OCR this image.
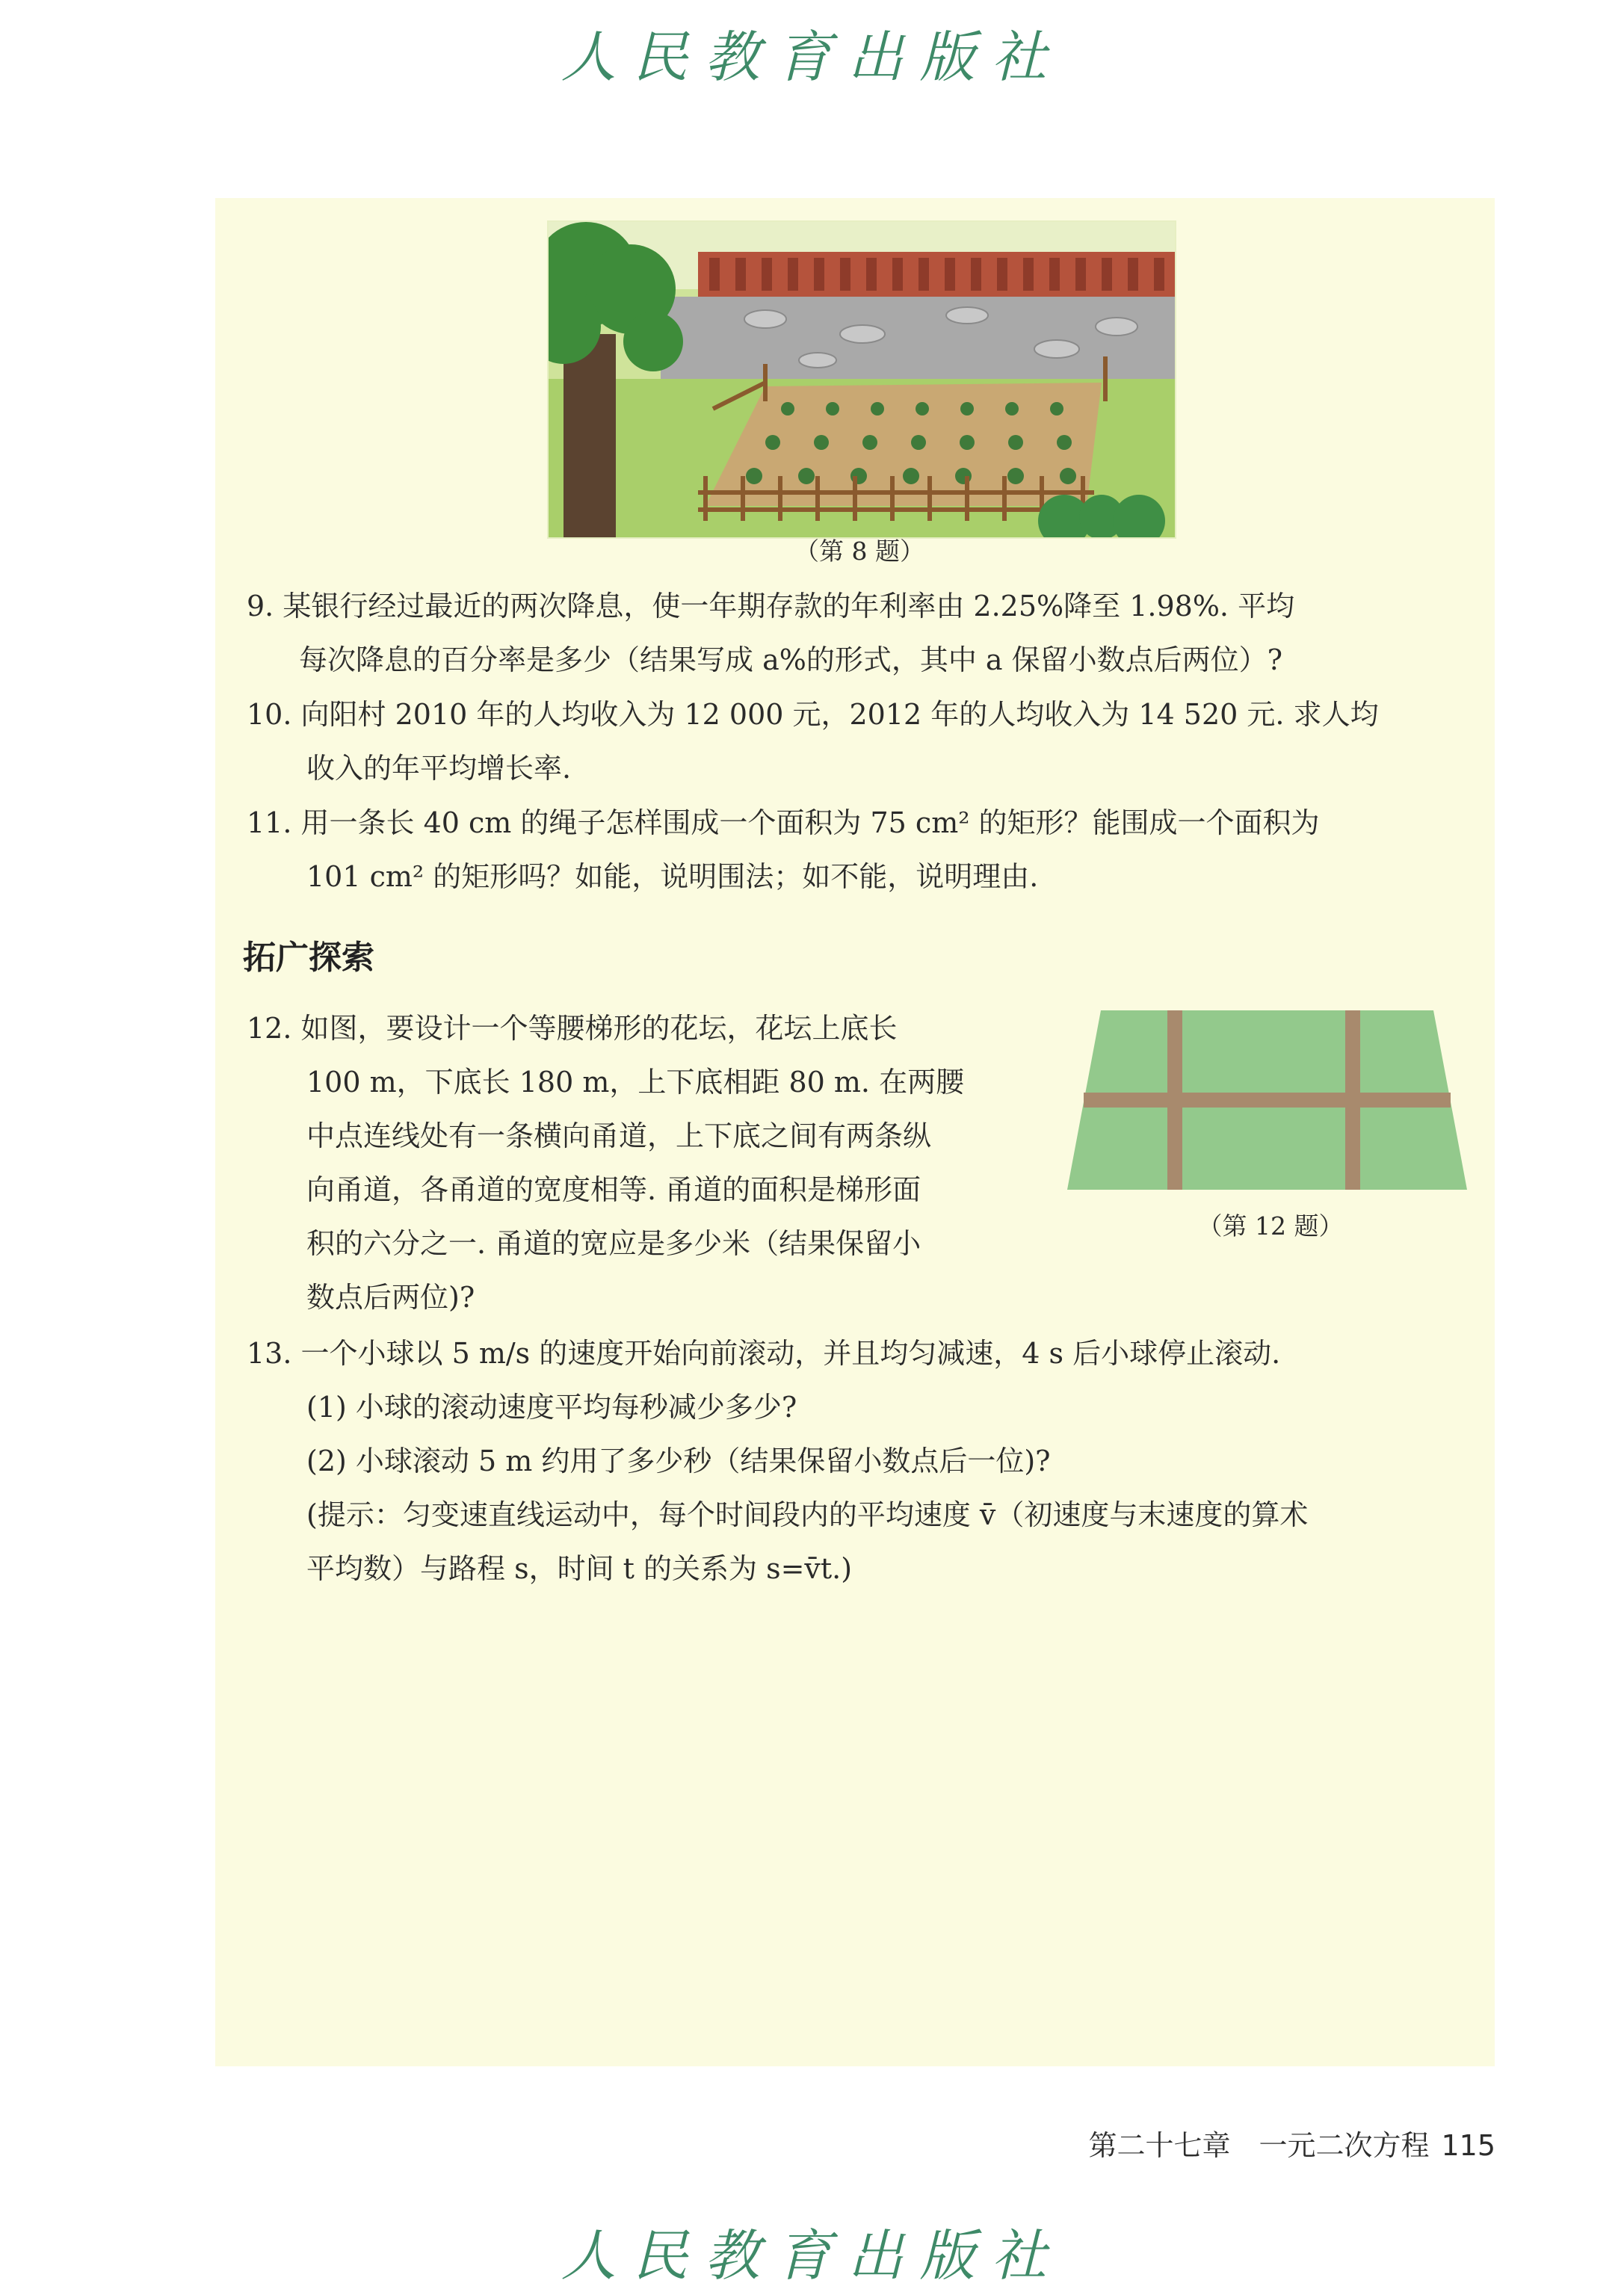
人民教育出版社
（第 8 题）
9. 某银行经过最近的两次降息，使一年期存款的年利率由 2.25%降至 1.98%. 平均
每次降息的百分率是多少（结果写成 a%的形式，其中 a 保留小数点后两位）?
10. 向阳村 2010 年的人均收入为 12 000 元，2012 年的人均收入为 14 520 元. 求人均
收入的年平均增长率.
11. 用一条长 40 cm 的绳子怎样围成一个面积为 75 cm² 的矩形？能围成一个面积为
101 cm² 的矩形吗？如能，说明围法；如不能，说明理由.
拓广探索
12. 如图，要设计一个等腰梯形的花坛，花坛上底长
100 m，下底长 180 m，上下底相距 80 m. 在两腰
中点连线处有一条横向甬道，上下底之间有两条纵
向甬道，各甬道的宽度相等. 甬道的面积是梯形面
积的六分之一. 甬道的宽应是多少米（结果保留小
数点后两位)?
（第 12 题）
13. 一个小球以 5 m/s 的速度开始向前滚动，并且均匀减速，4 s 后小球停止滚动.
(1) 小球的滚动速度平均每秒减少多少?
(2) 小球滚动 5 m 约用了多少秒（结果保留小数点后一位)?
(提示：匀变速直线运动中，每个时间段内的平均速度 v̄（初速度与末速度的算术
平均数）与路程 s，时间 t 的关系为 s=v̄t.)
第二十七章　一元二次方程 115
人民教育出版社
